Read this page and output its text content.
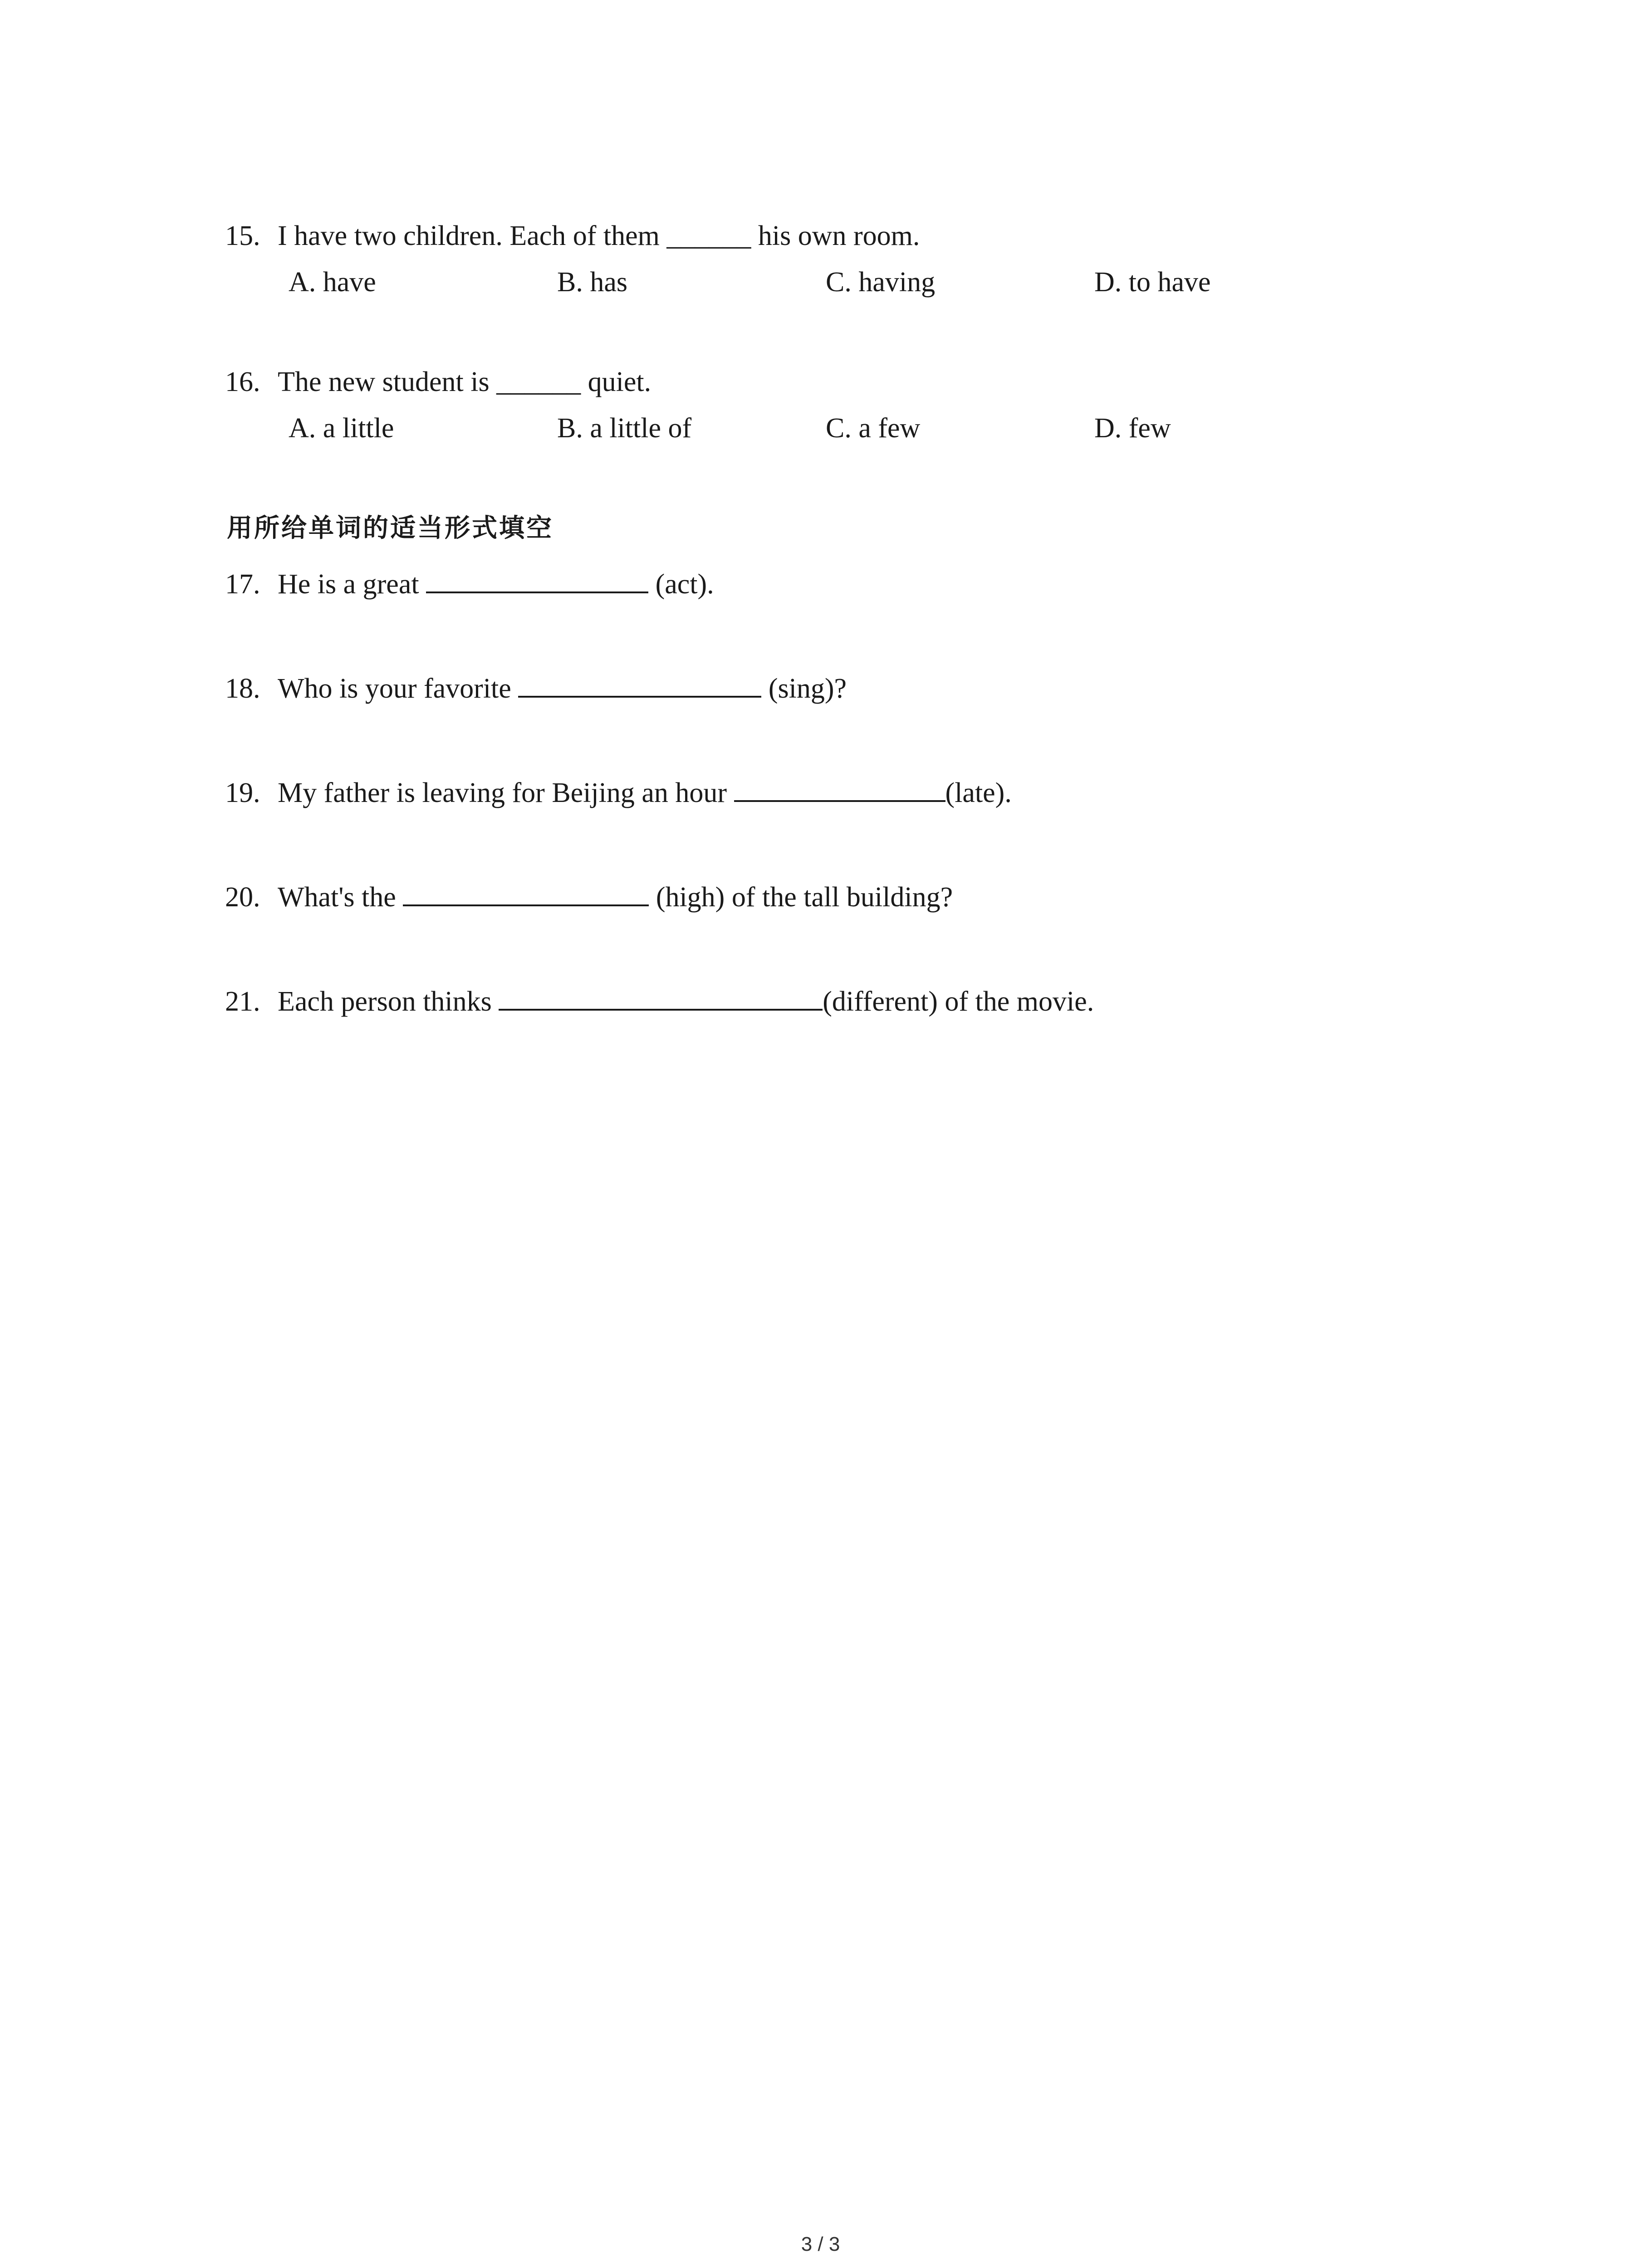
15. I have two children. Each of them ______ his own room.
A. have	B. has	C. having	D. to have
16. The new student is ______ quiet.
A. a little	B. a little of	C. a few	D. few
用所给单词的适当形式填空
17. He is a great	(act).
18. Who is your favorite	(sing)?
19. My father is leaving for Beijing an hour	(late).
20. What's the	(high) of the tall building?
21. Each person thinks	(different) of the movie.
3 / 3
